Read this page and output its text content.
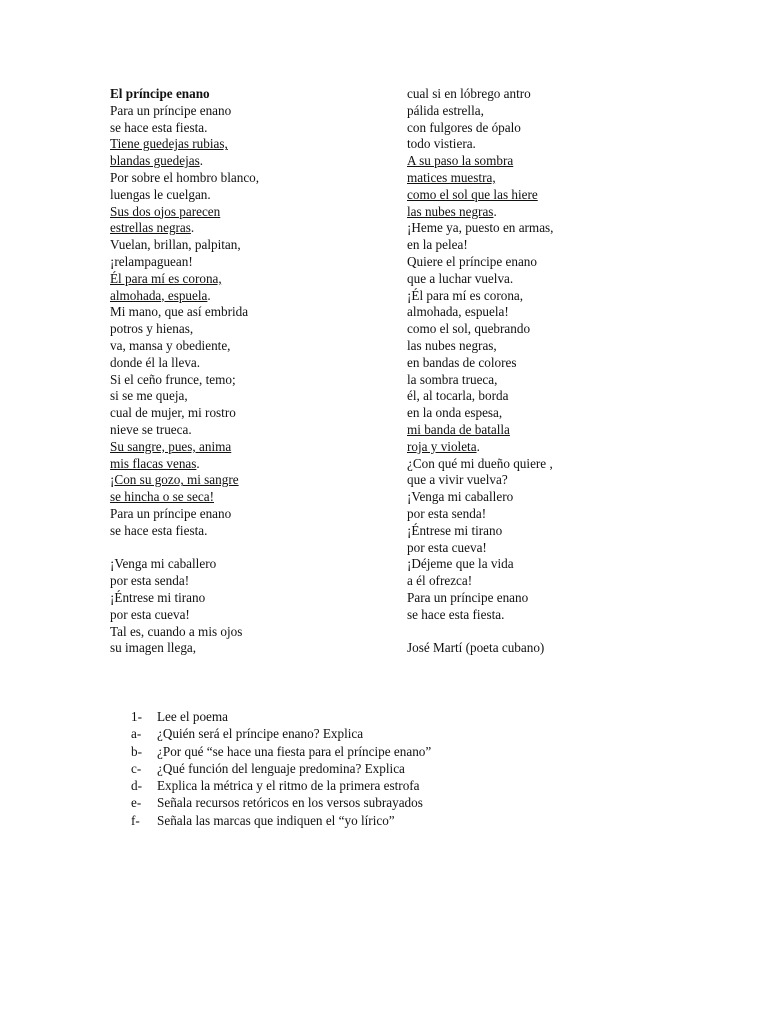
El príncipe enano
Para un príncipe enano
se hace esta fiesta.
Tiene guedejas rubias,
blandas guedejas.
Por sobre el hombro blanco,
luengas le cuelgan.
Sus dos ojos parecen
estrellas negras.
Vuelan, brillan, palpitan,
¡relampaguean!
Él para mí es corona,
almohada, espuela.
Mi mano, que así embrida
potros y hienas,
va, mansa y obediente,
donde él la lleva.
Si el ceño frunce, temo;
si se me queja,
cual de mujer, mi rostro
nieve se trueca.
Su sangre, pues, anima
mis flacas venas.
¡Con su gozo, mi sangre
se hincha o se seca!
Para un príncipe enano
se hace esta fiesta.
¡Venga mi caballero
por esta senda!
¡Éntrese mi tirano
por esta cueva!
Tal es, cuando a mis ojos
su imagen llega,
cual si en lóbrego antro
pálida estrella,
con fulgores de ópalo
todo vistiera.
A su paso la sombra
matices muestra,
como el sol que las hiere
las nubes negras.
¡Heme ya, puesto en armas,
en la pelea!
Quiere el príncipe enano
que a luchar vuelva.
¡Él para mí es corona,
almohada, espuela!
como el sol, quebrando
las nubes negras,
en bandas de colores
la sombra trueca,
él, al tocarla, borda
en la onda espesa,
mi banda de batalla
roja y violeta.
¿Con qué mi dueño quiere ,
que a vivir vuelva?
¡Venga mi caballero
por esta senda!
¡Éntrese mi tirano
por esta cueva!
¡Déjeme que la vida
a él ofrezca!
Para un príncipe enano
se hace esta fiesta.
José Martí (poeta cubano)
1-	Lee el poema
a-	¿Quién será el príncipe enano? Explica
b-	¿Por qué “se hace una fiesta para el príncipe enano”
c-	¿Qué función del lenguaje predomina? Explica
d-	Explica la métrica y el ritmo de la primera estrofa
e-	Señala recursos retóricos en los versos subrayados
f-	Señala las marcas que indiquen el “yo lírico”
